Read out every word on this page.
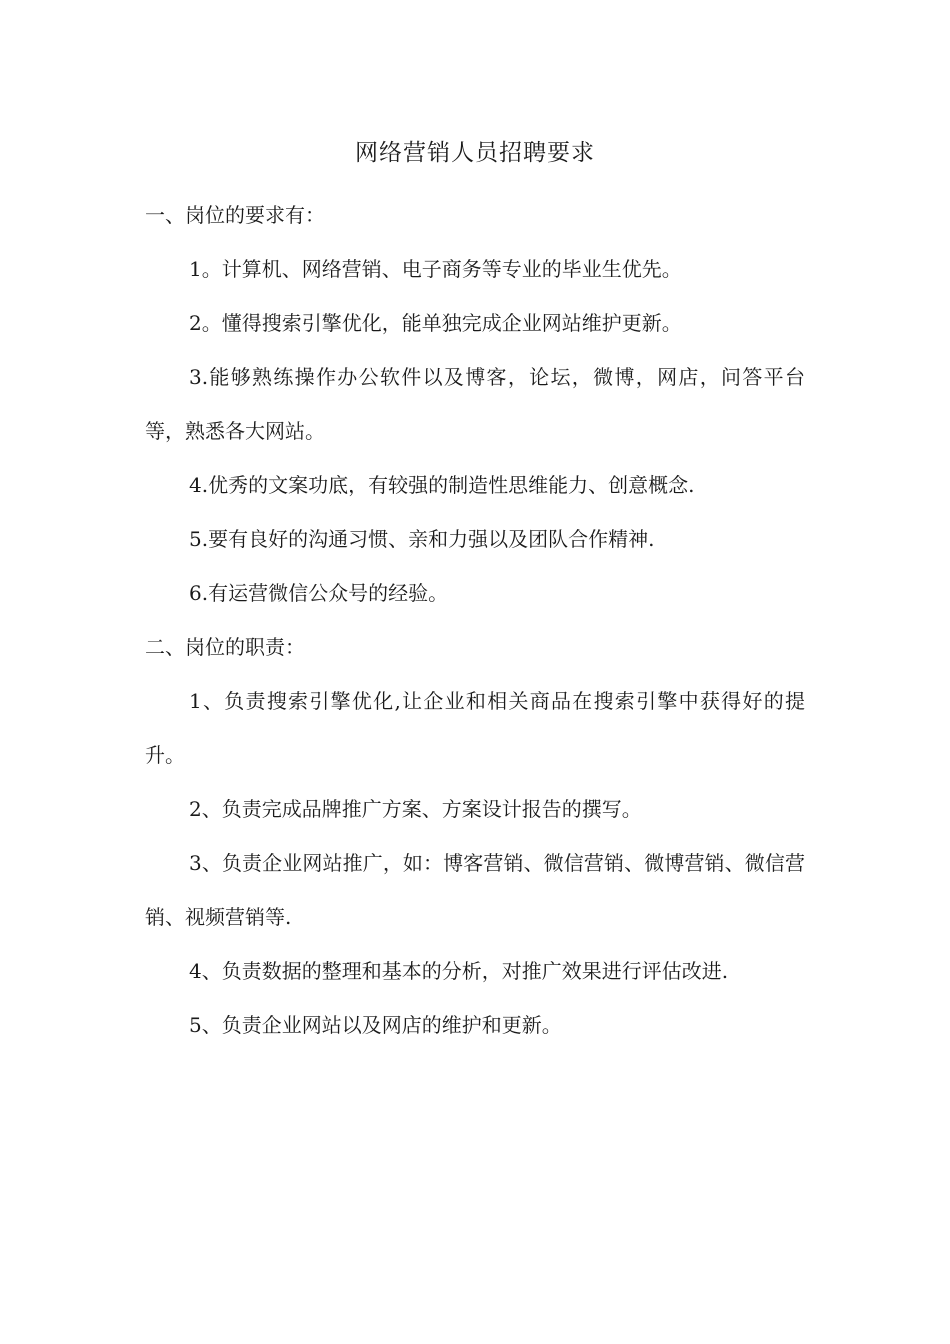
网络营销人员招聘要求

一、岗位的要求有：

1。计算机、网络营销、电子商务等专业的毕业生优先。

2。懂得搜索引擎优化，能单独完成企业网站维护更新。

3.能够熟练操作办公软件以及博客，论坛，微博，网店，问答平台等，熟悉各大网站。

4.优秀的文案功底，有较强的制造性思维能力、创意概念.

5.要有良好的沟通习惯、亲和力强以及团队合作精神.

6.有运营微信公众号的经验。

二、岗位的职责：

1、负责搜索引擎优化,让企业和相关商品在搜索引擎中获得好的提升。

2、负责完成品牌推广方案、方案设计报告的撰写。

3、负责企业网站推广，如：博客营销、微信营销、微博营销、微信营销、视频营销等.

4、负责数据的整理和基本的分析，对推广效果进行评估改进.

5、负责企业网站以及网店的维护和更新。
